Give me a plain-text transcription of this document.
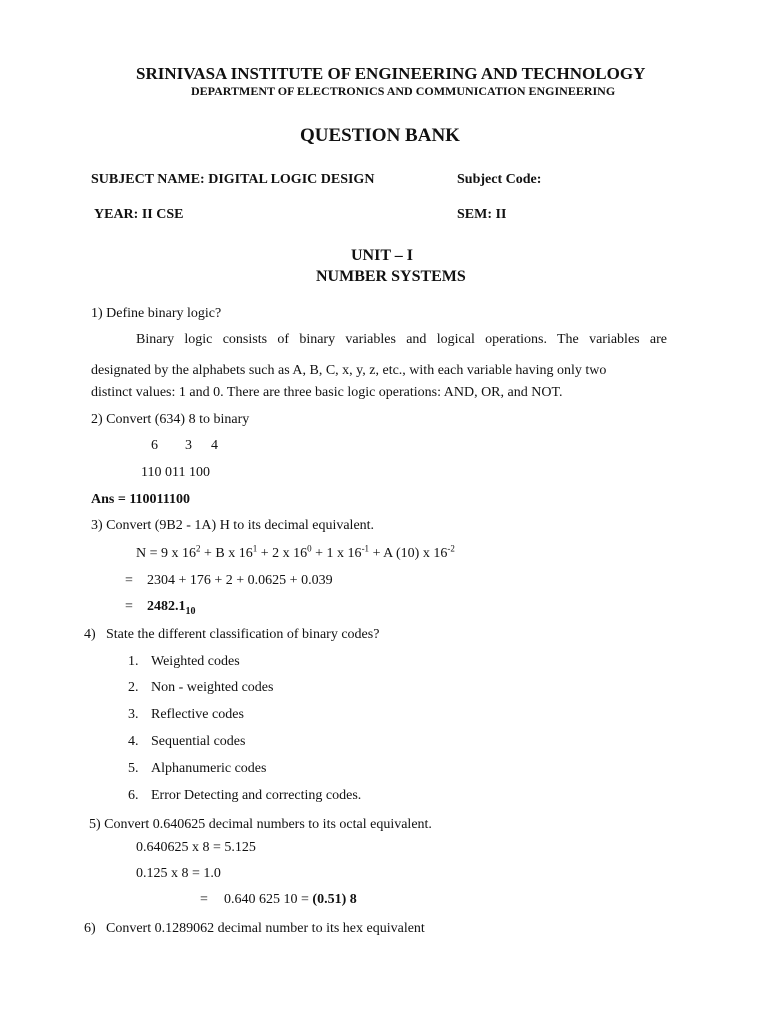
SRINIVASA INSTITUTE OF ENGINEERING AND TECHNOLOGY
DEPARTMENT OF ELECTRONICS AND COMMUNICATION ENGINEERING
QUESTION BANK
SUBJECT NAME: DIGITAL LOGIC DESIGN	Subject Code:
YEAR: II CSE	SEM: II
UNIT – I
NUMBER SYSTEMS
1) Define binary logic?
Binary logic consists of binary variables and logical operations. The variables are
designated by the alphabets such as A, B, C, x, y, z, etc., with each variable having only two
distinct values: 1 and 0. There are three basic logic operations: AND, OR, and NOT.
2) Convert (634) 8 to binary
6 3 4
110 011 100
Ans = 110011100
3) Convert (9B2 - 1A) H to its decimal equivalent.
N = 9 x $16^2 + B$ x $16^1 + 2$ x $16^0 + 1$ x $16^{-1} + A$ (10) x $16^{-2}$
= 2304 + 176 + 2 + 0.0625 + 0.039
= $2482.1_{10}$
4) State the different classification of binary codes?
1. Weighted codes
2. Non - weighted codes
3. Reflective codes
4. Sequential codes
5. Alphanumeric codes
6. Error Detecting and correcting codes.
5) Convert 0.640625 decimal numbers to its octal equivalent.
0.640625 x 8 = 5.125
0.125 x 8 = 1.0
= 0.640 625 10 = (0.51) 8
6) Convert 0.1289062 decimal number to its hex equivalent
